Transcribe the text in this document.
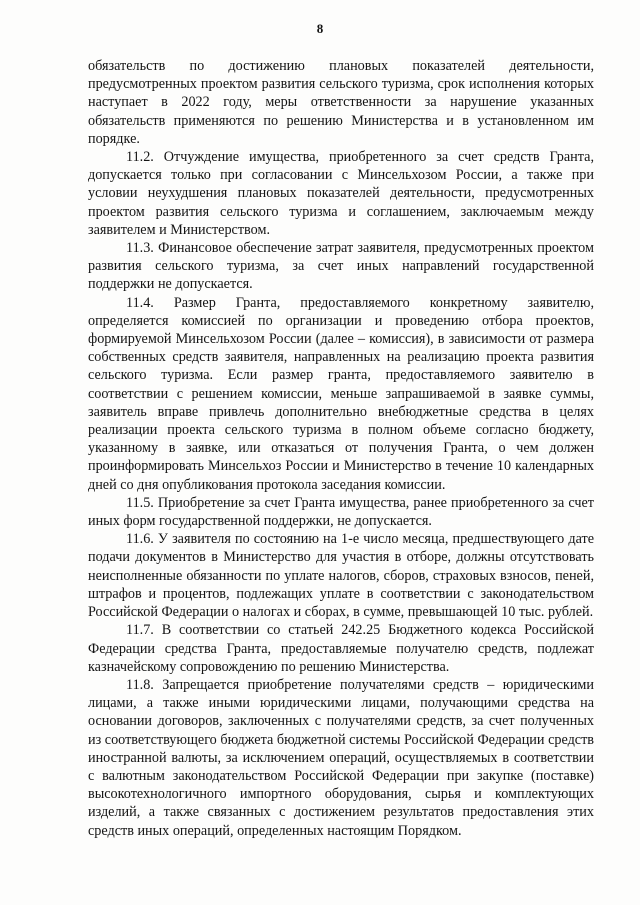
8

обязательств по достижению плановых показателей деятельности, предусмотренных проектом развития сельского туризма, срок исполнения которых наступает в 2022 году, меры ответственности за нарушение указанных обязательств применяются по решению Министерства и в установленном им порядке.

11.2. Отчуждение имущества, приобретенного за счет средств Гранта, допускается только при согласовании с Минсельхозом России, а также при условии неухудшения плановых показателей деятельности, предусмотренных проектом развития сельского туризма и соглашением, заключаемым между заявителем и Министерством.

11.3. Финансовое обеспечение затрат заявителя, предусмотренных проектом развития сельского туризма, за счет иных направлений государственной поддержки не допускается.

11.4. Размер Гранта, предоставляемого конкретному заявителю, определяется комиссией по организации и проведению отбора проектов, формируемой Минсельхозом России (далее – комиссия), в зависимости от размера собственных средств заявителя, направленных на реализацию проекта развития сельского туризма. Если размер гранта, предоставляемого заявителю в соответствии с решением комиссии, меньше запрашиваемой в заявке суммы, заявитель вправе привлечь дополнительно внебюджетные средства в целях реализации проекта сельского туризма в полном объеме согласно бюджету, указанному в заявке, или отказаться от получения Гранта, о чем должен проинформировать Минсельхоз России и Министерство в течение 10 календарных дней со дня опубликования протокола заседания комиссии.

11.5. Приобретение за счет Гранта имущества, ранее приобретенного за счет иных форм государственной поддержки, не допускается.

11.6. У заявителя по состоянию на 1-е число месяца, предшествующего дате подачи документов в Министерство для участия в отборе, должны отсутствовать неисполненные обязанности по уплате налогов, сборов, страховых взносов, пеней, штрафов и процентов, подлежащих уплате в соответствии с законодательством Российской Федерации о налогах и сборах, в сумме, превышающей 10 тыс. рублей.

11.7. В соответствии со статьей 242.25 Бюджетного кодекса Российской Федерации средства Гранта, предоставляемые получателю средств, подлежат казначейскому сопровождению по решению Министерства.

11.8. Запрещается приобретение получателями средств – юридическими лицами, а также иными юридическими лицами, получающими средства на основании договоров, заключенных с получателями средств, за счет полученных из соответствующего бюджета бюджетной системы Российской Федерации средств иностранной валюты, за исключением операций, осуществляемых в соответствии с валютным законодательством Российской Федерации при закупке (поставке) высокотехнологичного импортного оборудования, сырья и комплектующих изделий, а также связанных с достижением результатов предоставления этих средств иных операций, определенных настоящим Порядком.
